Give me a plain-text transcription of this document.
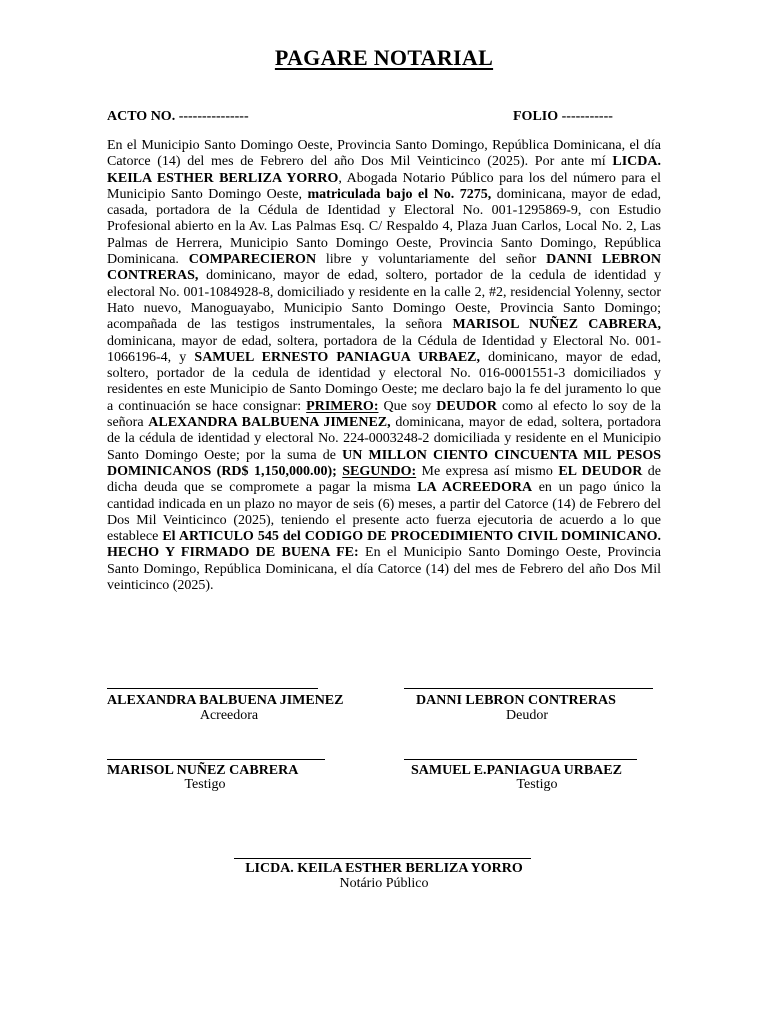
PAGARE NOTARIAL
ACTO NO. ---------------	FOLIO -----------

En el Municipio Santo Domingo Oeste, Provincia Santo Domingo, República Dominicana, el día Catorce (14) del mes de Febrero del año Dos Mil Veinticinco (2025). Por ante mí LICDA. KEILA ESTHER BERLIZA YORRO, Abogada Notario Público para los del número para el Municipio Santo Domingo Oeste, matriculada bajo el No. 7275, dominicana, mayor de edad, casada, portadora de la Cédula de Identidad y Electoral No. 001-1295869-9, con Estudio Profesional abierto en la Av. Las Palmas Esq. C/ Respaldo 4, Plaza Juan Carlos, Local No. 2, Las Palmas de Herrera, Municipio Santo Domingo Oeste, Provincia Santo Domingo, República Dominicana. COMPARECIERON libre y voluntariamente del señor DANNI LEBRON CONTRERAS, dominicano, mayor de edad, soltero, portador de la cedula de identidad y electoral No. 001-1084928-8, domiciliado y residente en la calle 2, #2, residencial Yolenny, sector Hato nuevo, Manoguayabo, Municipio Santo Domingo Oeste, Provincia Santo Domingo; acompañada de las testigos instrumentales, la señora MARISOL NUÑEZ CABRERA, dominicana, mayor de edad, soltera, portadora de la Cédula de Identidad y Electoral No. 001-1066196-4, y SAMUEL ERNESTO PANIAGUA URBAEZ, dominicano, mayor de edad, soltero, portador de la cedula de identidad y electoral No. 016-0001551-3 domiciliados y residentes en este Municipio de Santo Domingo Oeste; me declaro bajo la fe del juramento lo que a continuación se hace consignar: PRIMERO: Que soy DEUDOR como al efecto lo soy de la señora ALEXANDRA BALBUENA JIMENEZ, dominicana, mayor de edad, soltera, portadora de la cédula de identidad y electoral No. 224-0003248-2 domiciliada y residente en el Municipio Santo Domingo Oeste; por la suma de UN MILLON CIENTO CINCUENTA MIL PESOS DOMINICANOS (RD$ 1,150,000.00); SEGUNDO: Me expresa así mismo EL DEUDOR de dicha deuda que se compromete a pagar la misma LA ACREEDORA en un pago único la cantidad indicada en un plazo no mayor de seis (6) meses, a partir del Catorce (14) de Febrero del Dos Mil Veinticinco (2025), teniendo el presente acto fuerza ejecutoria de acuerdo a lo que establece El ARTICULO 545 del CODIGO DE PROCEDIMIENTO CIVIL DOMINICANO. HECHO Y FIRMADO DE BUENA FE: En el Municipio Santo Domingo Oeste, Provincia Santo Domingo, República Dominicana, el día Catorce (14) del mes de Febrero del año Dos Mil veinticinco (2025).

ALEXANDRA BALBUENA JIMENEZ
Acreedora
DANNI LEBRON CONTRERAS
Deudor
MARISOL NUÑEZ CABRERA
Testigo
SAMUEL E.PANIAGUA URBAEZ
Testigo
LICDA. KEILA ESTHER BERLIZA YORRO
Notário Público
